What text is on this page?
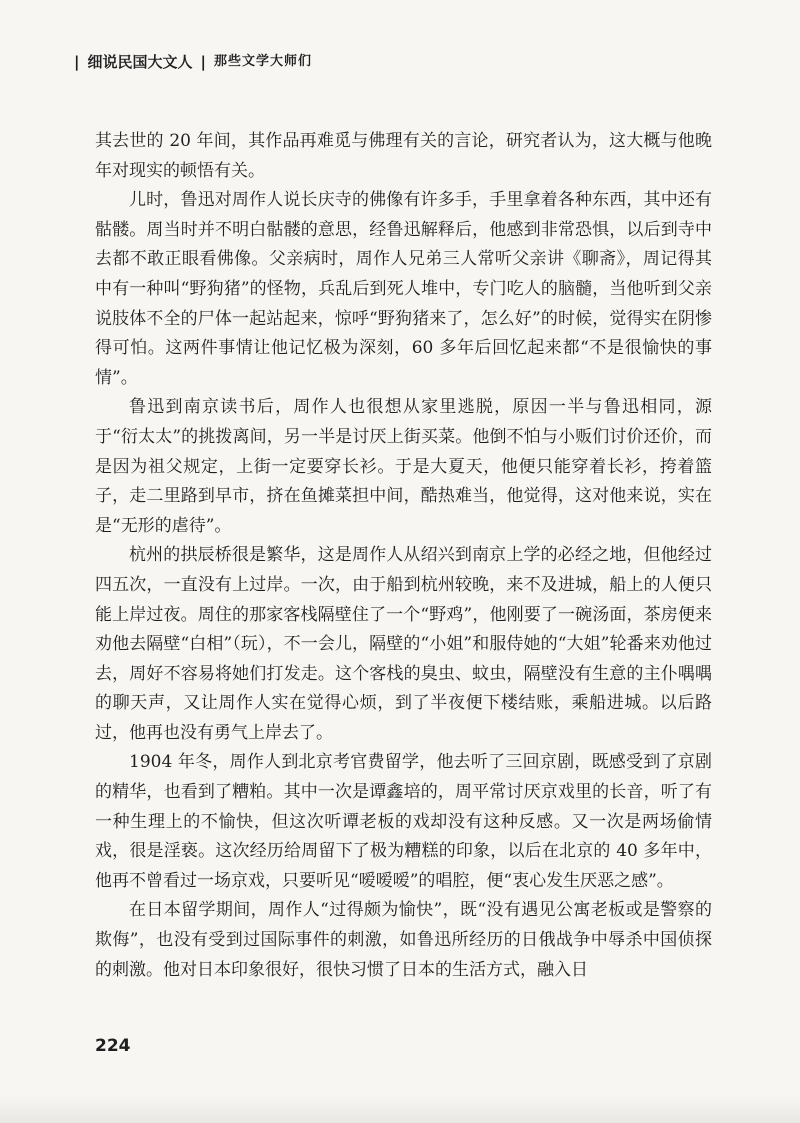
| 细说民国大文人 | 那些文学大师们

其去世的 20 年间，其作品再难觅与佛理有关的言论，研究者认为，这大概与他晚年对现实的顿悟有关。

儿时，鲁迅对周作人说长庆寺的佛像有许多手，手里拿着各种东西，其中还有骷髅。周当时并不明白骷髅的意思，经鲁迅解释后，他感到非常恐惧，以后到寺中去都不敢正眼看佛像。父亲病时，周作人兄弟三人常听父亲讲《聊斋》，周记得其中有一种叫“野狗猪”的怪物，兵乱后到死人堆中，专门吃人的脑髓，当他听到父亲说肢体不全的尸体一起站起来，惊呼“野狗猪来了，怎么好”的时候，觉得实在阴惨得可怕。这两件事情让他记忆极为深刻，60 多年后回忆起来都“不是很愉快的事情”。

鲁迅到南京读书后，周作人也很想从家里逃脱，原因一半与鲁迅相同，源于“衍太太”的挑拨离间，另一半是讨厌上街买菜。他倒不怕与小贩们讨价还价，而是因为祖父规定，上街一定要穿长衫。于是大夏天，他便只能穿着长衫，挎着篮子，走二里路到早市，挤在鱼摊菜担中间，酷热难当，他觉得，这对他来说，实在是“无形的虐待”。

杭州的拱辰桥很是繁华，这是周作人从绍兴到南京上学的必经之地，但他经过四五次，一直没有上过岸。一次，由于船到杭州较晚，来不及进城，船上的人便只能上岸过夜。周住的那家客栈隔壁住了一个“野鸡”，他刚要了一碗汤面，茶房便来劝他去隔壁“白相”（玩），不一会儿，隔壁的“小姐”和服侍她的“大姐”轮番来劝他过去，周好不容易将她们打发走。这个客栈的臭虫、蚊虫，隔壁没有生意的主仆喁喁的聊天声，又让周作人实在觉得心烦，到了半夜便下楼结账，乘船进城。以后路过，他再也没有勇气上岸去了。

1904 年冬，周作人到北京考官费留学，他去听了三回京剧，既感受到了京剧的精华，也看到了糟粕。其中一次是谭鑫培的，周平常讨厌京戏里的长音，听了有一种生理上的不愉快，但这次听谭老板的戏却没有这种反感。又一次是两场偷情戏，很是淫亵。这次经历给周留下了极为糟糕的印象，以后在北京的 40 多年中，他再不曾看过一场京戏，只要听见“嗳嗳嗳”的唱腔，便“衷心发生厌恶之感”。

在日本留学期间，周作人“过得颇为愉快”，既“没有遇见公寓老板或是警察的欺侮”，也没有受到过国际事件的刺激，如鲁迅所经历的日俄战争中辱杀中国侦探的刺激。他对日本印象很好，很快习惯了日本的生活方式，融入日

224
